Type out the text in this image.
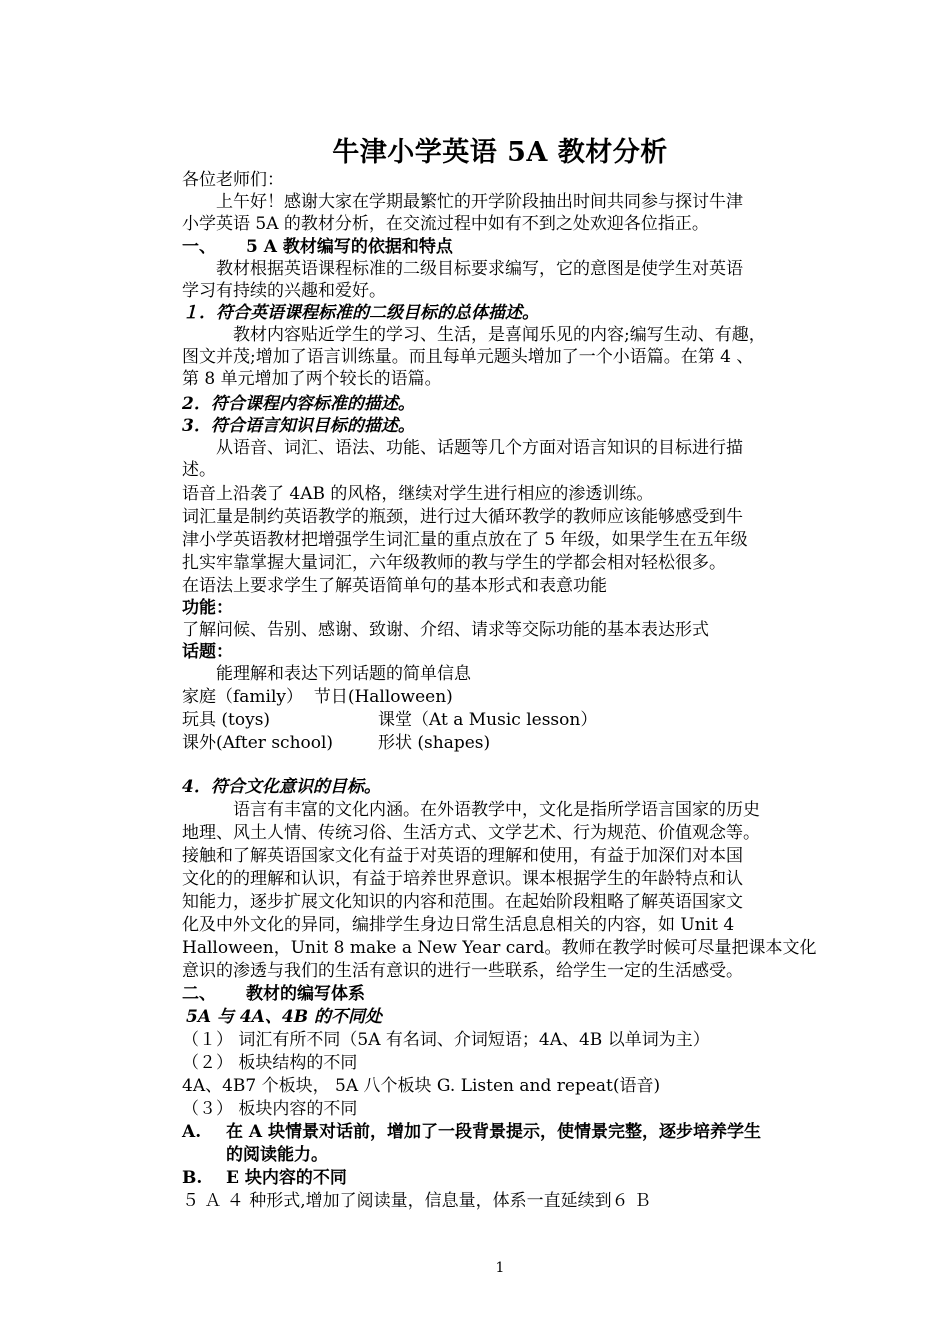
牛津小学英语 5A 教材分析
各位老师们：
　　上午好！感谢大家在学期最繁忙的开学阶段抽出时间共同参与探讨牛津
小学英语 5A 的教材分析，在交流过程中如有不到之处欢迎各位指正。
一、 5 A 教材编写的依据和特点
　　教材根据英语课程标准的二级目标要求编写，它的意图是使学生对英语
学习有持续的兴趣和爱好。
１．符合英语课程标准的二级目标的总体描述。
　　　教材内容贴近学生的学习、生活，是喜闻乐见的内容;编写生动、有趣，
图文并茂;增加了语言训练量。而且每单元题头增加了一个小语篇。在第 4 、
第 8 单元增加了两个较长的语篇。
2．符合课程内容标准的描述。
3．符合语言知识目标的描述。
　　从语音、词汇、语法、功能、话题等几个方面对语言知识的目标进行描
述。
语音上沿袭了 4AB 的风格，继续对学生进行相应的渗透训练。
词汇量是制约英语教学的瓶颈，进行过大循环教学的教师应该能够感受到牛
津小学英语教材把增强学生词汇量的重点放在了 5 年级，如果学生在五年级
扎实牢靠掌握大量词汇，六年级教师的教与学生的学都会相对轻松很多。
在语法上要求学生了解英语简单句的基本形式和表意功能
功能：
了解问候、告别、感谢、致谢、介绍、请求等交际功能的基本表达形式
话题：
　　能理解和表达下列话题的简单信息
家庭（family） 节日(Halloween)
玩具 (toys)	课堂（At a Music lesson）
课外(After school)	形状 (shapes)
4．符合文化意识的目标。
　　　语言有丰富的文化内涵。在外语教学中，文化是指所学语言国家的历史
地理、风土人情、传统习俗、生活方式、文学艺术、行为规范、价值观念等。
接触和了解英语国家文化有益于对英语的理解和使用，有益于加深们对本国
文化的的理解和认识，有益于培养世界意识。课本根据学生的年龄特点和认
知能力，逐步扩展文化知识的内容和范围。在起始阶段粗略了解英语国家文
化及中外文化的异同，编排学生身边日常生活息息相关的内容，如 Unit 4
Halloween，Unit 8 make a New Year card。教师在教学时候可尽量把课本文化
意识的渗透与我们的生活有意识的进行一些联系，给学生一定的生活感受。
二、 教材的编写体系
5A 与 4A、4B 的不同处
（１） 词汇有所不同（5A 有名词、介词短语；4A、4B 以单词为主）
（２） 板块结构的不同
4A、4B7 个板块， 5A 八个板块 G. Listen and repeat(语音)
（３） 板块内容的不同
A. 在 A 块情景对话前，增加了一段背景提示，使情景完整，逐步培养学生
的阅读能力。
B. E 块内容的不同
５ Ａ ４ 种形式,增加了阅读量，信息量，体系一直延续到６ Ｂ
1
